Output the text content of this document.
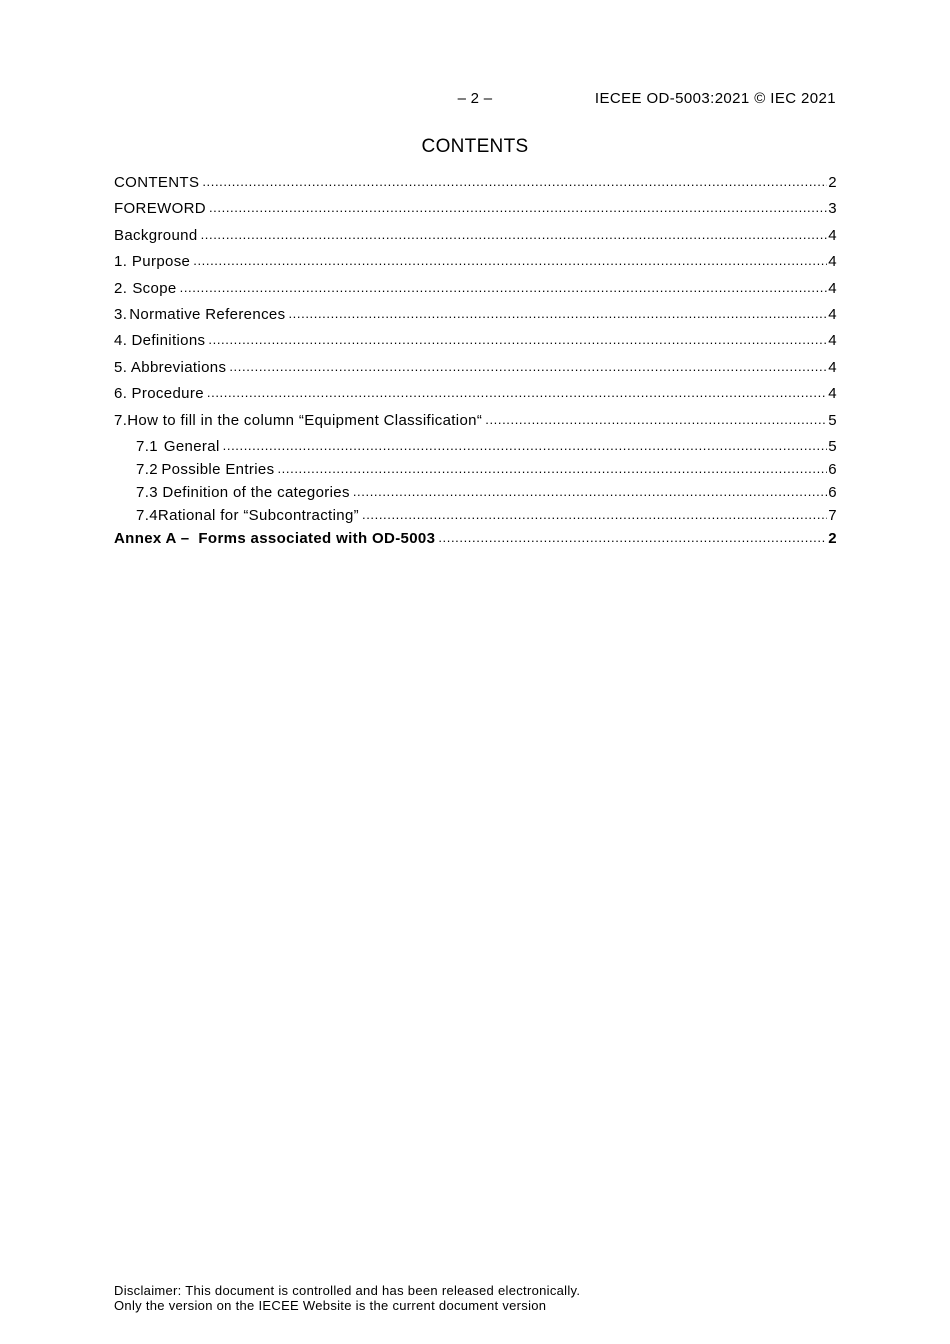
– 2 –	IECEE OD-5003:2021 © IEC 2021
CONTENTS
CONTENTS .....	2
FOREWORD .....	3
Background .....	4
1. Purpose .....	4
2. Scope .....	4
3. Normative References .....	4
4. Definitions .....	4
5. Abbreviations .....	4
6. Procedure .....	4
7. How to fill in the column “Equipment Classification“ .....	5
7.1 General .....	5
7.2 Possible Entries .....	6
7.3 Definition of the categories .....	6
7.4 Rational for “Subcontracting” .....	7
Annex A –  Forms associated with OD-5003 .....	2
Disclaimer: This document is controlled and has been released electronically.
Only the version on the IECEE Website is the current document version
